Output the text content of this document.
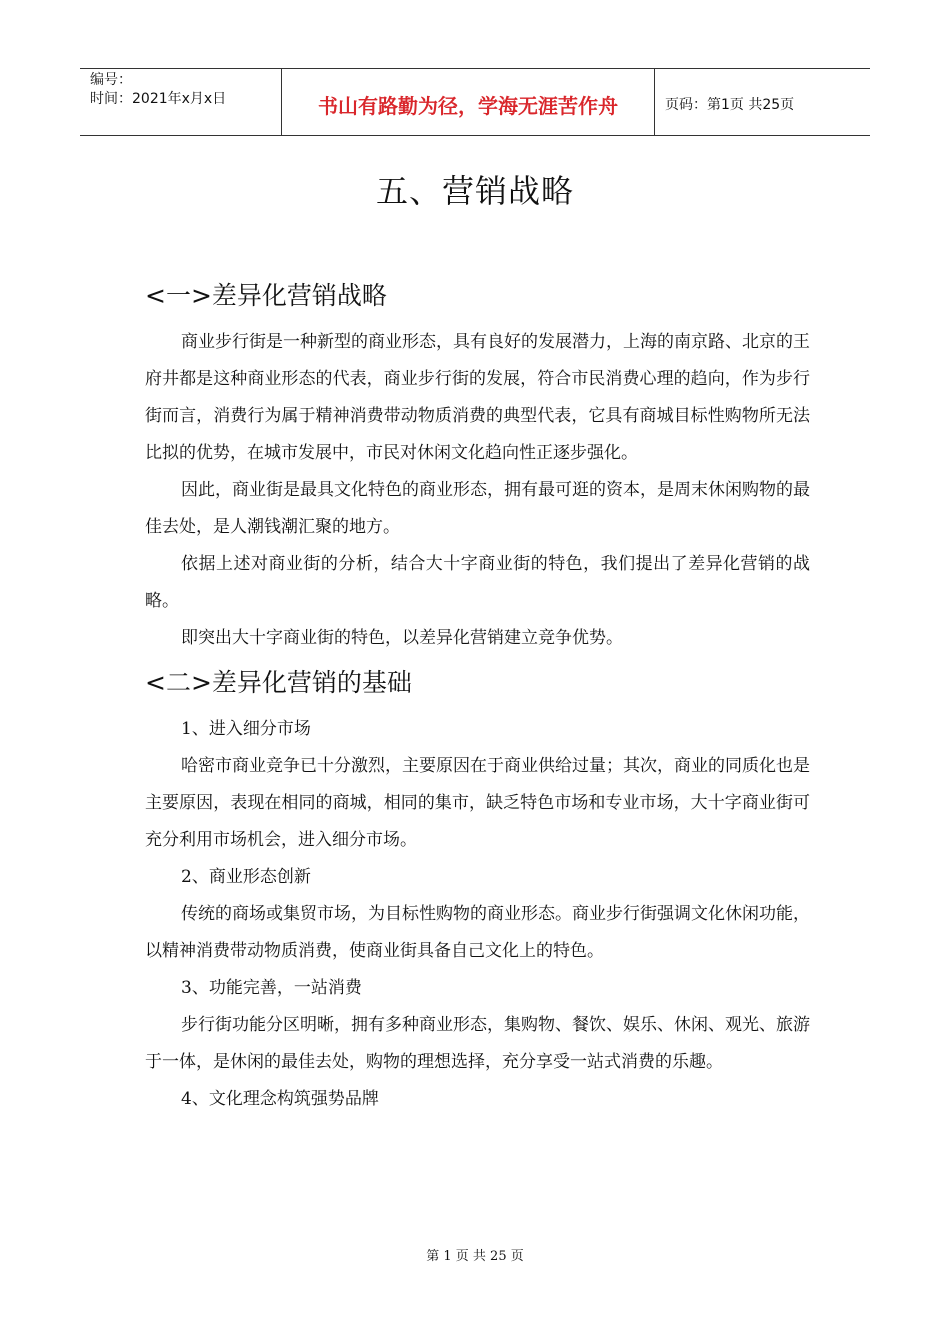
编号：
时间：2021年x月x日	书山有路勤为径，学海无涯苦作舟	页码：第1页 共25页
五、营销战略
<一>差异化营销战略

商业步行街是一种新型的商业形态，具有良好的发展潜力，上海的南京路、北京的王府井都是这种商业形态的代表，商业步行街的发展，符合市民消费心理的趋向，作为步行街而言，消费行为属于精神消费带动物质消费的典型代表，它具有商城目标性购物所无法比拟的优势，在城市发展中，市民对休闲文化趋向性正逐步强化。

因此，商业街是最具文化特色的商业形态，拥有最可逛的资本，是周末休闲购物的最佳去处，是人潮钱潮汇聚的地方。

依据上述对商业街的分析，结合大十字商业街的特色，我们提出了差异化营销的战略。

即突出大十字商业街的特色，以差异化营销建立竞争优势。

<二>差异化营销的基础

1、进入细分市场

哈密市商业竞争已十分激烈，主要原因在于商业供给过量；其次，商业的同质化也是主要原因，表现在相同的商城，相同的集市，缺乏特色市场和专业市场，大十字商业街可充分利用市场机会，进入细分市场。

2、商业形态创新

传统的商场或集贸市场，为目标性购物的商业形态。商业步行街强调文化休闲功能，以精神消费带动物质消费，使商业街具备自己文化上的特色。

3、功能完善，一站消费

步行街功能分区明晰，拥有多种商业形态，集购物、餐饮、娱乐、休闲、观光、旅游于一体，是休闲的最佳去处，购物的理想选择，充分享受一站式消费的乐趣。

4、文化理念构筑强势品牌

第 1 页 共 25 页
